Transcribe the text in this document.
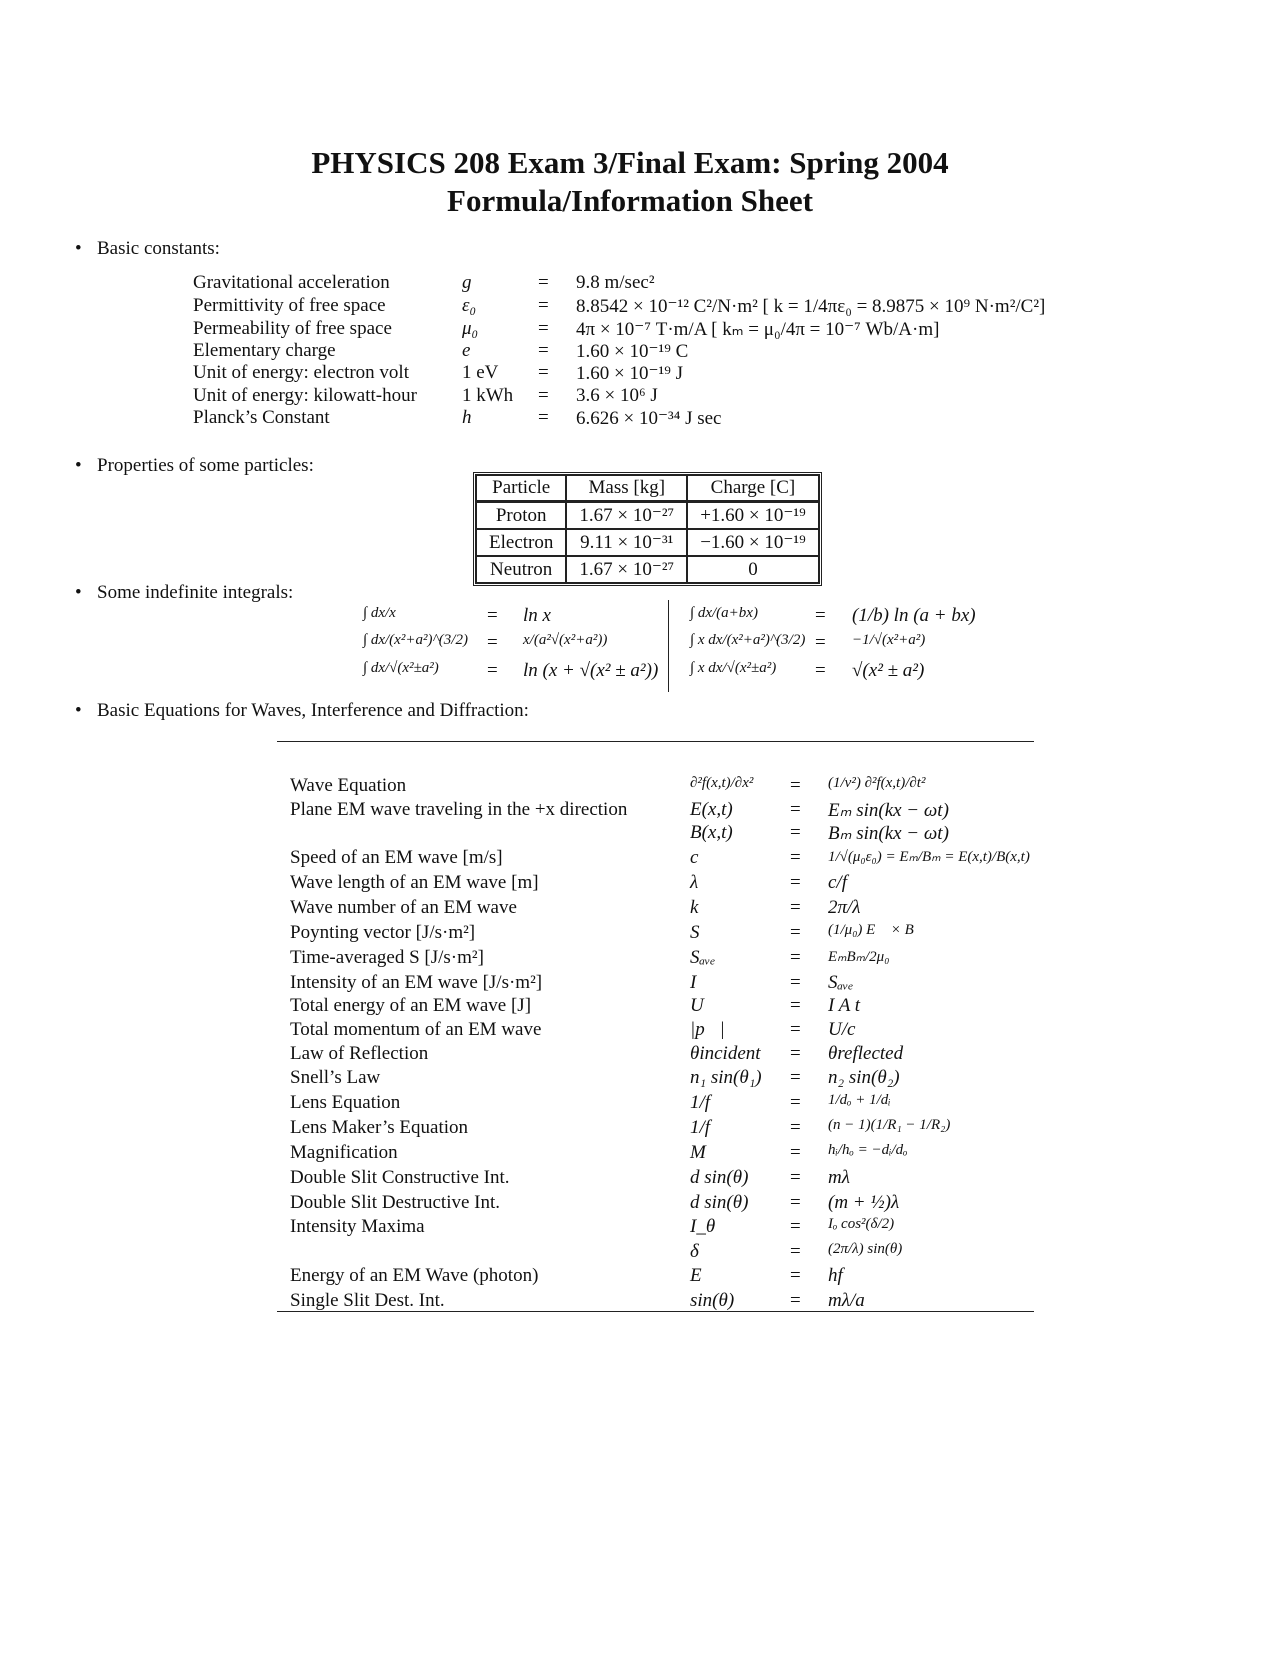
PHYSICS 208 Exam 3/Final Exam: Spring 2004
Formula/Information Sheet
• Basic constants:
Gravitational acceleration	g	= 9.8 m/sec²
Permittivity of free space	ε₀	= 8.8542 × 10⁻¹² C²/N·m² [ k = 1/4πε₀ = 8.9875 × 10⁹ N·m²/C²]
Permeability of free space	μ₀	= 4π × 10⁻⁷ T·m/A [ kₘ = μ₀/4π = 10⁻⁷ Wb/A·m]
Elementary charge	e	= 1.60 × 10⁻¹⁹ C
Unit of energy: electron volt	1 eV = 1.60 × 10⁻¹⁹ J
Unit of energy: kilowatt-hour 1 kWh = 3.6 × 10⁶ J
Planck’s Constant	h	= 6.626 × 10⁻³⁴ J sec
• Properties of some particles:
Particle	Mass [kg]	Charge [C]
Proton	1.67 × 10⁻²⁷	+1.60 × 10⁻¹⁹
Electron	9.11 × 10⁻³¹	−1.60 × 10⁻¹⁹
Neutron	1.67 × 10⁻²⁷	0
• Some indefinite integrals:
∫ dx/x	= ln x
∫ dx/(x²+a²)^(3/2) = x/(a²√(x²+a²))
∫ dx/√(x²±a²)	= ln (x + √(x² ± a²))
∫ dx/(a+bx)	= (1/b) ln (a + bx)
∫ x dx/(x²+a²)^(3/2) = −1/√(x²+a²)
∫ x dx/√(x²±a²) = √(x² ± a²)
• Basic Equations for Waves, Interference and Diffraction:
Wave Equation	∂²f(x,t)/∂x² = (1/v²) ∂²f(x,t)/∂t²
Plane EM wave traveling in the +x direction	E(x,t)	= Eₘ sin(kx − ωt)
B(x,t)	= Bₘ sin(kx − ωt)
Speed of an EM wave [m/s]	c	= 1/√(μ₀ε₀) = Eₘ/Bₘ = E(x,t)/B(x,t)
Wave length of an EM wave [m]	λ	= c/f
Wave number of an EM wave	k	= 2π/λ
Poynting vector [J/s·m²]	S⃗	= (1/μ₀) E⃗ × B⃗
Time-averaged S [J/s·m²]	Sₐᵥₑ	= EₘBₘ/2μ₀
Intensity of an EM wave [J/s·m²]	I	= Sₐᵥₑ
Total energy of an EM wave [J]	U	= I A t
Total momentum of an EM wave	|p⃗|	= U/c
Law of Reflection	θincident = θreflected
Snell’s Law	n₁ sin(θ₁) = n₂ sin(θ₂)
Lens Equation	1/f	= 1/dₒ + 1/dᵢ
Lens Maker’s Equation	1/f	= (n − 1)(1/R₁ − 1/R₂)
Magnification	M	= hᵢ/hₒ = −dᵢ/dₒ
Double Slit Constructive Int.	d sin(θ) = mλ
Double Slit Destructive Int.	d sin(θ) = (m + ½)λ
Intensity Maxima	I_θ	= Iₒ cos²(δ/2)
δ	= (2π/λ) sin(θ)
Energy of an EM Wave (photon)	E	= hf
Single Slit Dest. Int.	sin(θ)	= mλ/a
